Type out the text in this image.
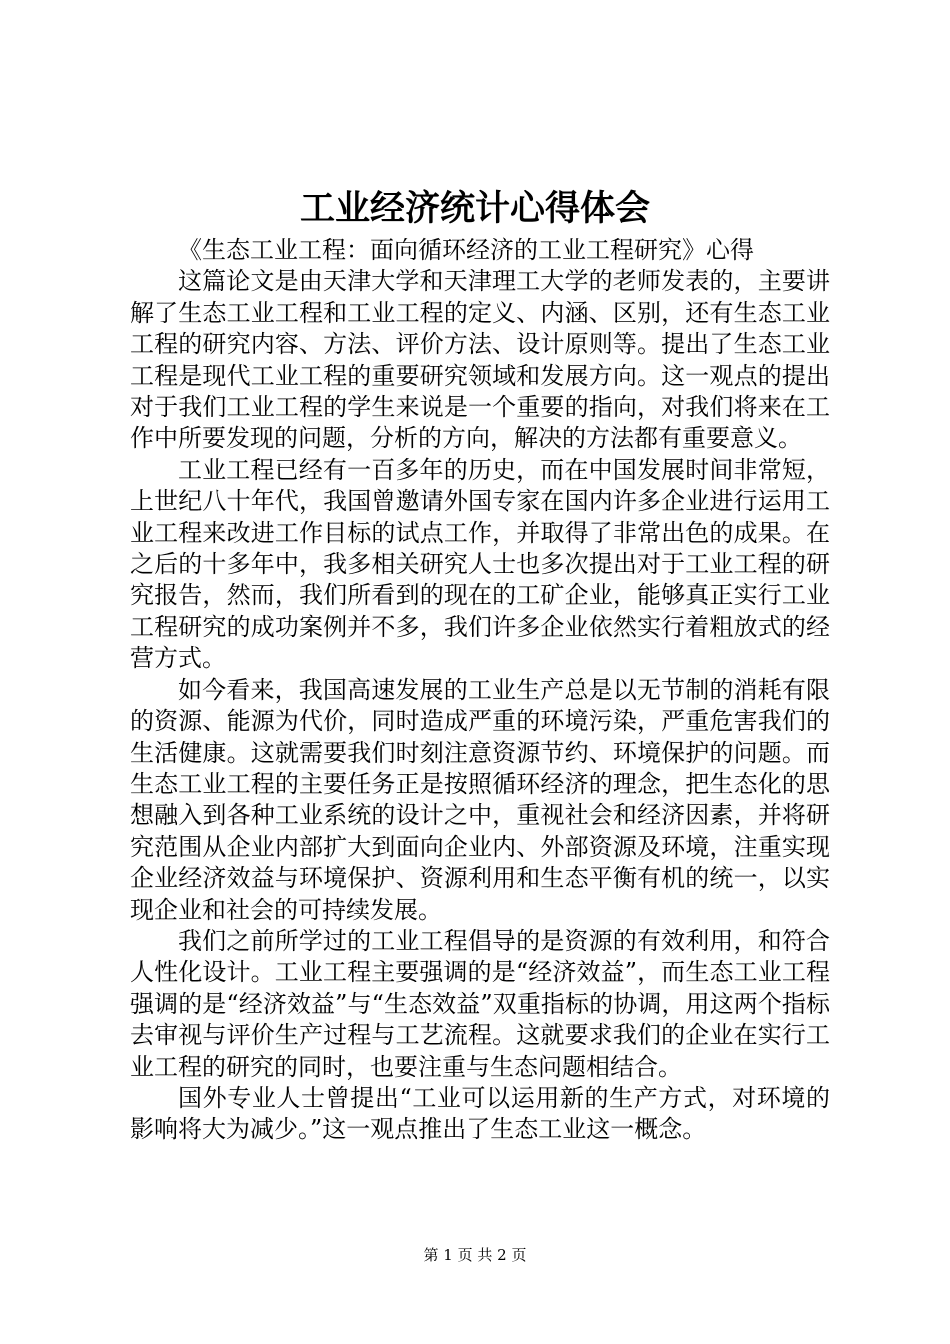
工业经济统计心得体会

《生态工业工程：面向循环经济的工业工程研究》心得

这篇论文是由天津大学和天津理工大学的老师发表的，主要讲解了生态工业工程和工业工程的定义、内涵、区别，还有生态工业工程的研究内容、方法、评价方法、设计原则等。提出了生态工业工程是现代工业工程的重要研究领域和发展方向。这一观点的提出对于我们工业工程的学生来说是一个重要的指向，对我们将来在工作中所要发现的问题，分析的方向，解决的方法都有重要意义。

工业工程已经有一百多年的历史，而在中国发展时间非常短，上世纪八十年代，我国曾邀请外国专家在国内许多企业进行运用工业工程来改进工作目标的试点工作，并取得了非常出色的成果。在之后的十多年中，我多相关研究人士也多次提出对于工业工程的研究报告，然而，我们所看到的现在的工矿企业，能够真正实行工业工程研究的成功案例并不多，我们许多企业依然实行着粗放式的经营方式。

如今看来，我国高速发展的工业生产总是以无节制的消耗有限的资源、能源为代价，同时造成严重的环境污染，严重危害我们的生活健康。这就需要我们时刻注意资源节约、环境保护的问题。而生态工业工程的主要任务正是按照循环经济的理念，把生态化的思想融入到各种工业系统的设计之中，重视社会和经济因素，并将研究范围从企业内部扩大到面向企业内、外部资源及环境，注重实现企业经济效益与环境保护、资源利用和生态平衡有机的统一，以实现企业和社会的可持续发展。

我们之前所学过的工业工程倡导的是资源的有效利用，和符合人性化设计。工业工程主要强调的是“经济效益”，而生态工业工程强调的是“经济效益”与“生态效益”双重指标的协调，用这两个指标去审视与评价生产过程与工艺流程。这就要求我们的企业在实行工业工程的研究的同时，也要注重与生态问题相结合。

国外专业人士曾提出“工业可以运用新的生产方式，对环境的影响将大为减少。”这一观点推出了生态工业这一概念。

第 1 页 共 2 页
